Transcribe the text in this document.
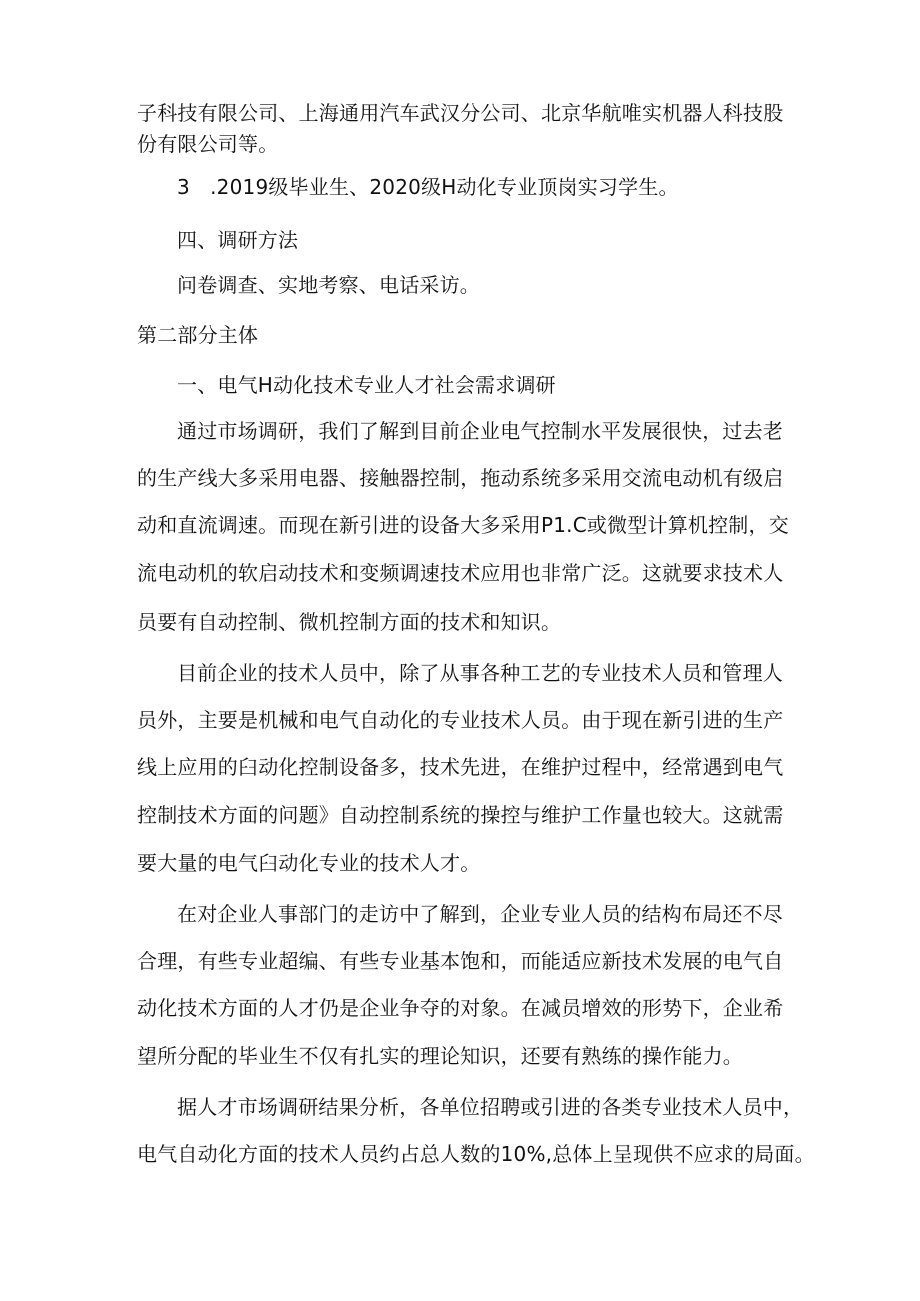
子科技有限公司、上海通用汽车武汉分公司、北京华航唯实机器人科技股

份有限公司等。

3　.2019级毕业生、2020级H动化专业顶岗实习学生。

四、调研方法

问卷调查、实地考察、电话采访。

第二部分主体

一、电气H动化技术专业人才社会需求调研

通过市场调研，我们了解到目前企业电气控制水平发展很快，过去老

的生产线大多采用电器、接触器控制，拖动系统多采用交流电动机有级启

动和直流调速。而现在新引进的设备大多采用P1.C或微型计算机控制，交

流电动机的软启动技术和变频调速技术应用也非常广泛。这就要求技术人

员要有自动控制、微机控制方面的技术和知识。

目前企业的技术人员中，除了从事各种工艺的专业技术人员和管理人

员外，主要是机械和电气自动化的专业技术人员。由于现在新引进的生产

线上应用的臼动化控制设备多，技术先进，在维护过程中，经常遇到电气

控制技术方面的问题》自动控制系统的操控与维护工作量也较大。这就需

要大量的电气臼动化专业的技术人才。

在对企业人事部门的走访中了解到，企业专业人员的结构布局还不尽

合理，有些专业超编、有些专业基本饱和，而能适应新技术发展的电气自

动化技术方面的人才仍是企业争夺的对象。在减员增效的形势下，企业希

望所分配的毕业生不仅有扎实的理论知识，还要有熟练的操作能力。

据人才市场调研结果分析，各单位招聘或引进的各类专业技术人员中，

电气自动化方面的技术人员约占总人数的10%,总体上呈现供不应求的局面。
